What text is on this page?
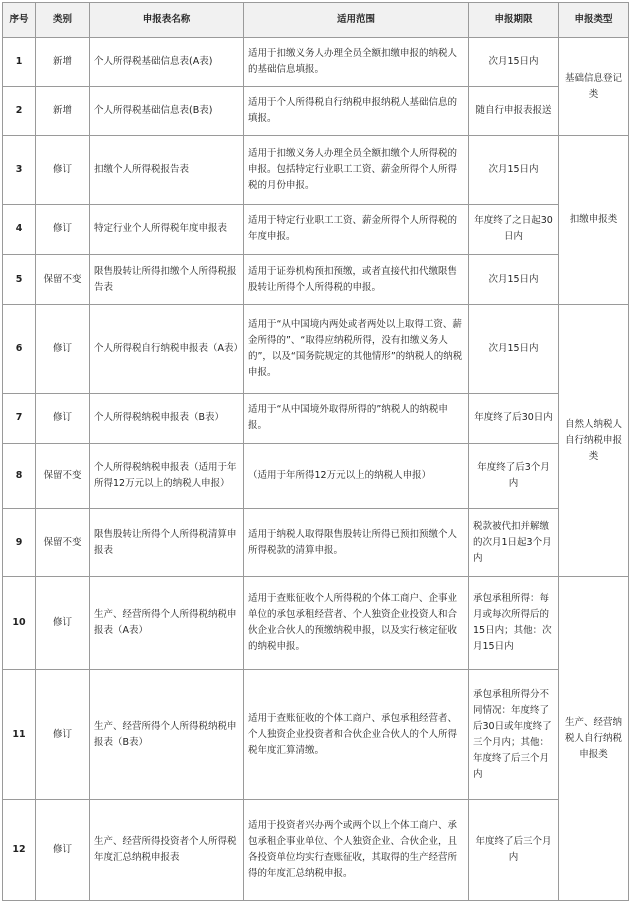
序号	类别	申报表名称	适用范围	申报期限	申报类型
1	新增	个人所得税基础信息表(A表)	适用于扣缴义务人办理全员全额扣缴申报的纳税人的基础信息填报。	次月15日内	基础信息登记类
2	新增	个人所得税基础信息表(B表)	适用于个人所得税自行纳税申报纳税人基础信息的填报。	随自行申报表报送	
3	修订	扣缴个人所得税报告表	适用于扣缴义务人办理全员全额扣缴个人所得税的申报。包括特定行业职工工资、薪金所得个人所得税的月份申报。	次月15日内	扣缴申报类
4	修订	特定行业个人所得税年度申报表	适用于特定行业职工工资、薪金所得个人所得税的年度申报。	年度终了之日起30日内	
5	保留不变	限售股转让所得扣缴个人所得税报告表	适用于证券机构预扣预缴，或者直接代扣代缴限售股转让所得个人所得税的申报。	次月15日内	
6	修订	个人所得税自行纳税申报表（A表）	适用于“从中国境内两处或者两处以上取得工资、薪金所得的”、“取得应纳税所得，没有扣缴义务人的”，以及“国务院规定的其他情形”的纳税人的纳税申报。	次月15日内	自然人纳税人自行纳税申报类
7	修订	个人所得税纳税申报表（B表）	适用于“从中国境外取得所得的”纳税人的纳税申报。	年度终了后30日内	
8	保留不变	个人所得税纳税申报表（适用于年所得12万元以上的纳税人申报）	（适用于年所得12万元以上的纳税人申报）	年度终了后3个月内	
9	保留不变	限售股转让所得个人所得税清算申报表	适用于纳税人取得限售股转让所得已预扣预缴个人所得税款的清算申报。	税款被代扣并解缴的次月1日起3个月内	
10	修订	生产、经营所得个人所得税纳税申报表（A表）	适用于查账征收个人所得税的个体工商户、企事业单位的承包承租经营者、个人独资企业投资人和合伙企业合伙人的预缴纳税申报，以及实行核定征收的纳税申报。	承包承租所得：每月或每次所得后的15日内；其他：次月15日内	生产、经营纳税人自行纳税申报类
11	修订	生产、经营所得个人所得税纳税申报表（B表）	适用于查账征收的个体工商户、承包承租经营者、个人独资企业投资者和合伙企业合伙人的个人所得税年度汇算清缴。	承包承租所得分不同情况：年度终了后30日或年度终了三个月内；其他：年度终了后三个月内	
12	修订	生产、经营所得投资者个人所得税年度汇总纳税申报表	适用于投资者兴办两个或两个以上个体工商户、承包承租企事业单位、个人独资企业、合伙企业，且各投资单位均实行查账征收，其取得的生产经营所得的年度汇总纳税申报。	年度终了后三个月内	
